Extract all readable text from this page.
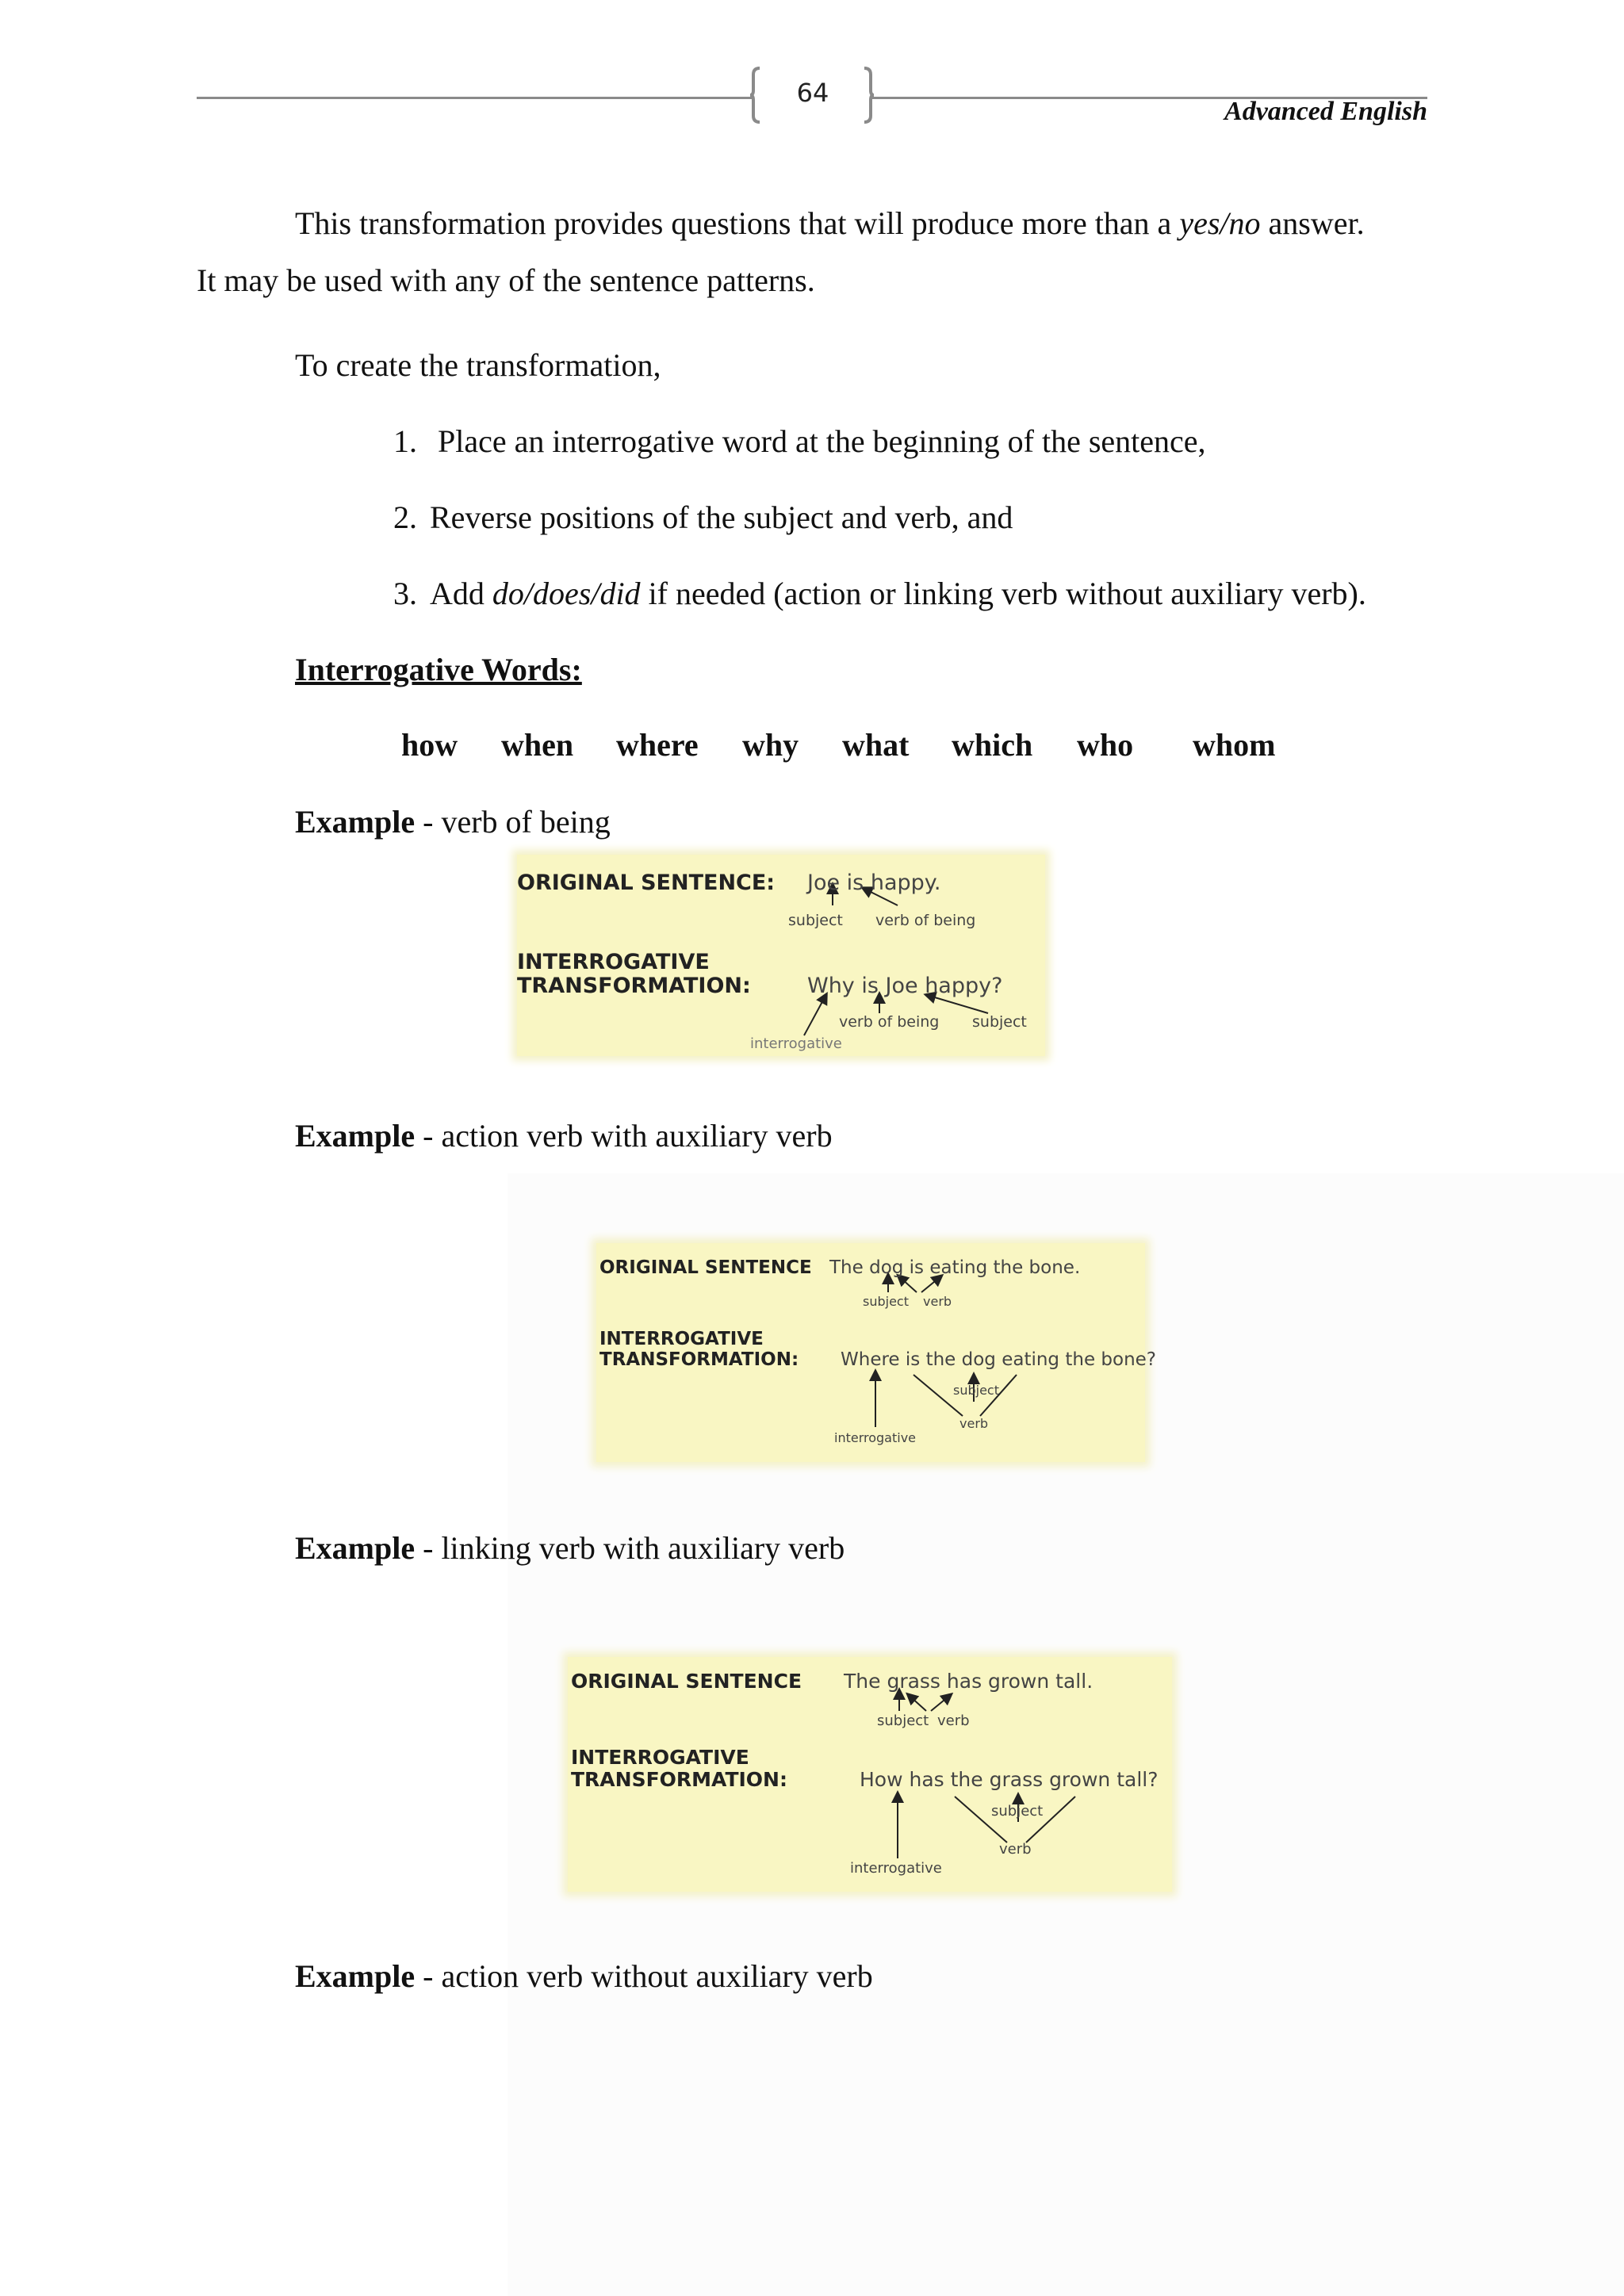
64
Advanced English
This transformation provides questions that will produce more than a yes/no answer.
It may be used with any of the sentence patterns.
To create the transformation,
1. Place an interrogative word at the beginning of the sentence,
2. Reverse positions of the subject and verb, and
3. Add do/does/did if needed (action or linking verb without auxiliary verb).
Interrogative Words:
how when where why what which who whom
Example - verb of being
ORIGINAL SENTENCE: Joe is happy.
subject verb of being
INTERROGATIVE
TRANSFORMATION:	Why is Joe happy?
verb of being subject
interrogative
Example - action verb with auxiliary verb
ORIGINAL SENTENCE The dog is eating the bone.
subject verb
INTERROGATIVE
TRANSFORMATION: Where is the dog eating the bone?
subject
verb
interrogative
Example - linking verb with auxiliary verb
ORIGINAL SENTENCE The grass has grown tall.
subject verb
INTERROGATIVE
TRANSFORMATION:	How has the grass grown tall?
subject
verb
interrogative
Example - action verb without auxiliary verb
